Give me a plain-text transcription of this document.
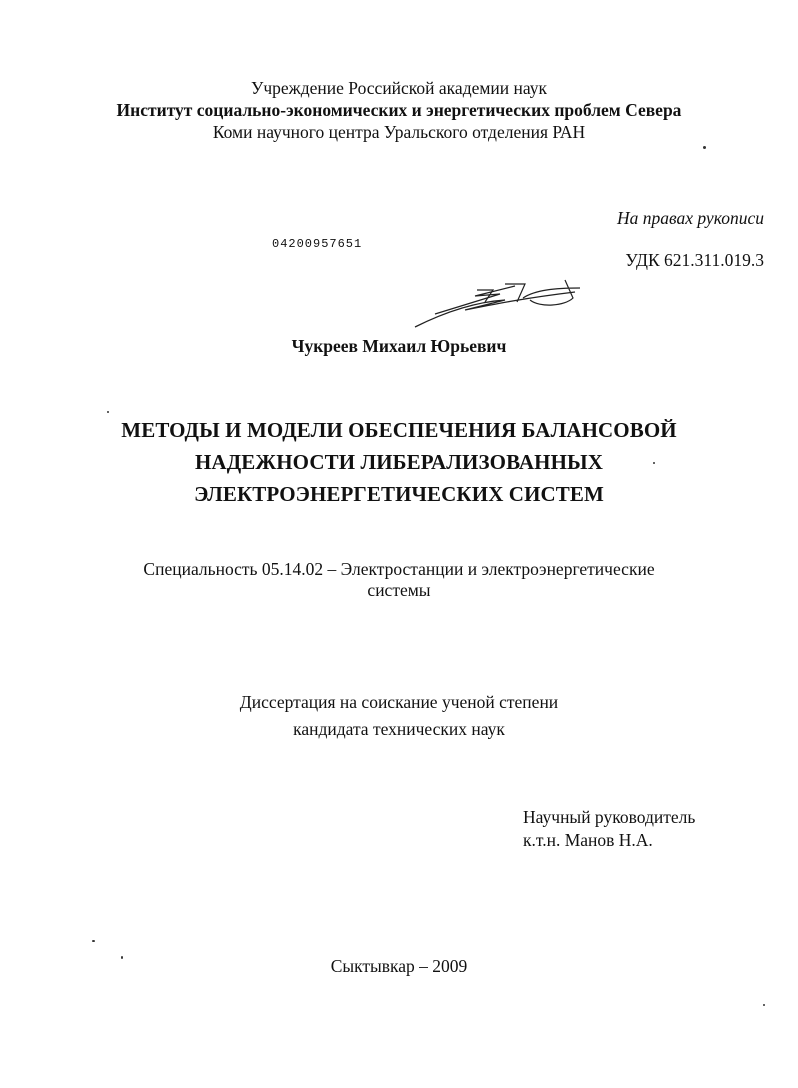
Учреждение Российской академии наук
Институт социально-экономических и энергетических проблем Севера
Коми научного центра Уральского отделения РАН
На правах рукописи
04200957651
УДК 621.311.019.3
Чукреев Михаил Юрьевич
МЕТОДЫ И МОДЕЛИ ОБЕСПЕЧЕНИЯ БАЛАНСОВОЙ
НАДЕЖНОСТИ ЛИБЕРАЛИЗОВАННЫХ
ЭЛЕКТРОЭНЕРГЕТИЧЕСКИХ СИСТЕМ
Специальность 05.14.02 – Электростанции и электроэнергетические
системы
Диссертация на соискание ученой степени
кандидата технических наук
Научный руководитель
к.т.н. Манов Н.А.
Сыктывкар – 2009
